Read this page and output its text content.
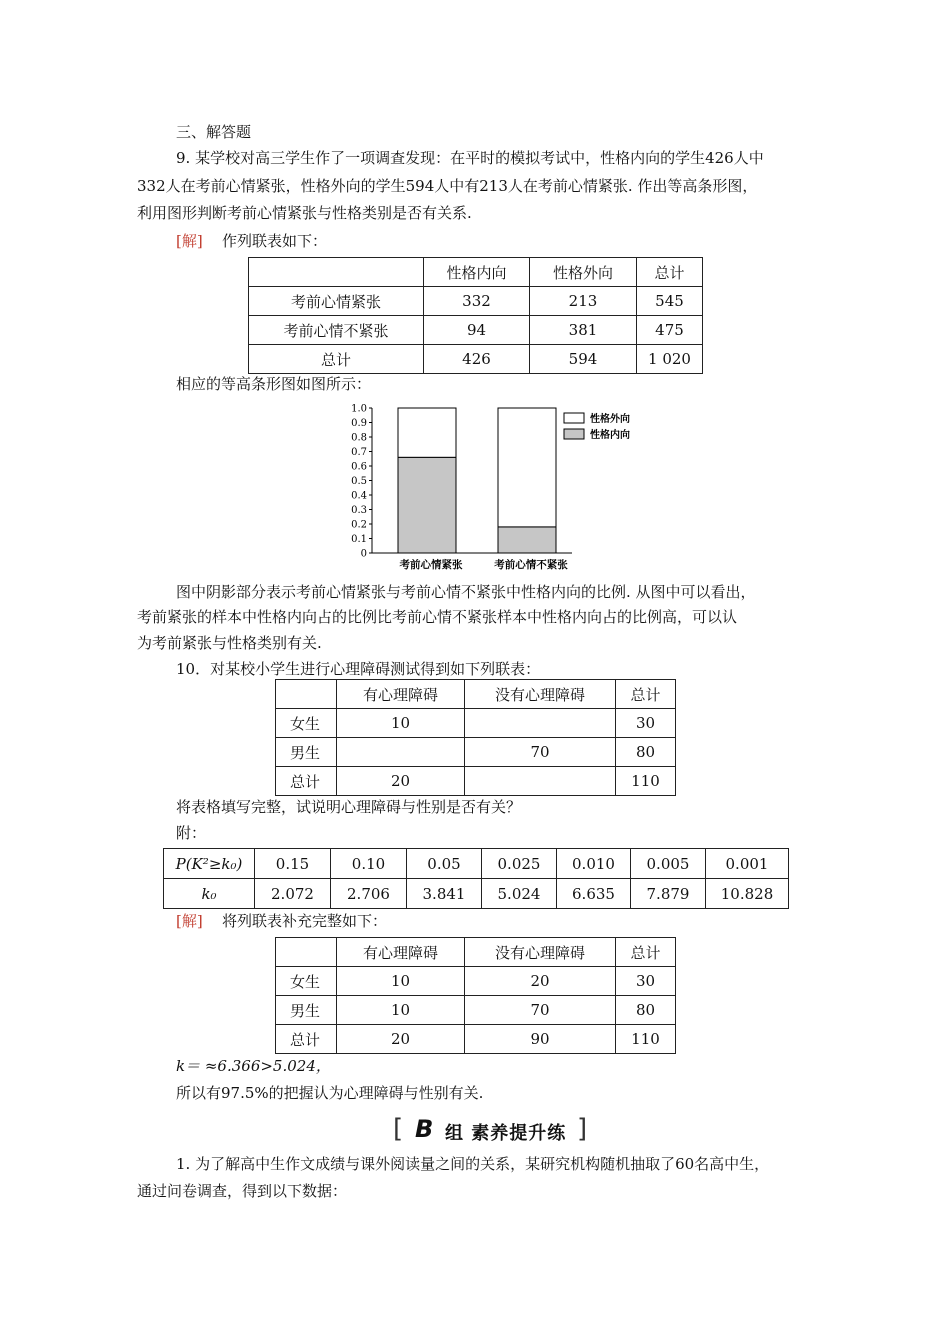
三、解答题
9. 某学校对高三学生作了一项调查发现：在平时的模拟考试中，性格内向的学生426人中
332人在考前心情紧张，性格外向的学生594人中有213人在考前心情紧张. 作出等高条形图，
利用图形判断考前心情紧张与性格类别是否有关系.
[解] 作列联表如下：
	性格内向	性格外向	总计
考前心情紧张	332	213	545
考前心情不紧张	94	381	475
总计	426	594	1 020
相应的等高条形图如图所示：
0
0.1
0.2
0.3
0.4
0.5
0.6
0.7
0.8
0.9
1.0
考前心情紧张	考前心情不紧张
性格外向
性格内向
图中阴影部分表示考前心情紧张与考前心情不紧张中性格内向的比例. 从图中可以看出，
考前紧张的样本中性格内向占的比例比考前心情不紧张样本中性格内向占的比例高，可以认
为考前紧张与性格类别有关.
10．对某校小学生进行心理障碍测试得到如下列联表：
	有心理障碍	没有心理障碍	总计
女生	10		30
男生		70	80
总计	20		110
将表格填写完整，试说明心理障碍与性别是否有关？
附：
P(K²≥k₀)	0.15	0.10	0.05	0.025	0.010	0.005	0.001
k₀	2.072	2.706	3.841	5.024	6.635	7.879	10.828
[解] 将列联表补充完整如下：
	有心理障碍	没有心理障碍	总计
女生	10	20	30
男生	10	70	80
总计	20	90	110
k＝ ≈6.366>5.024，
所以有97.5%的把握认为心理障碍与性别有关.
[ B 组 素养提升练 ]
1. 为了解高中生作文成绩与课外阅读量之间的关系，某研究机构随机抽取了60名高中生，
通过问卷调查，得到以下数据：
